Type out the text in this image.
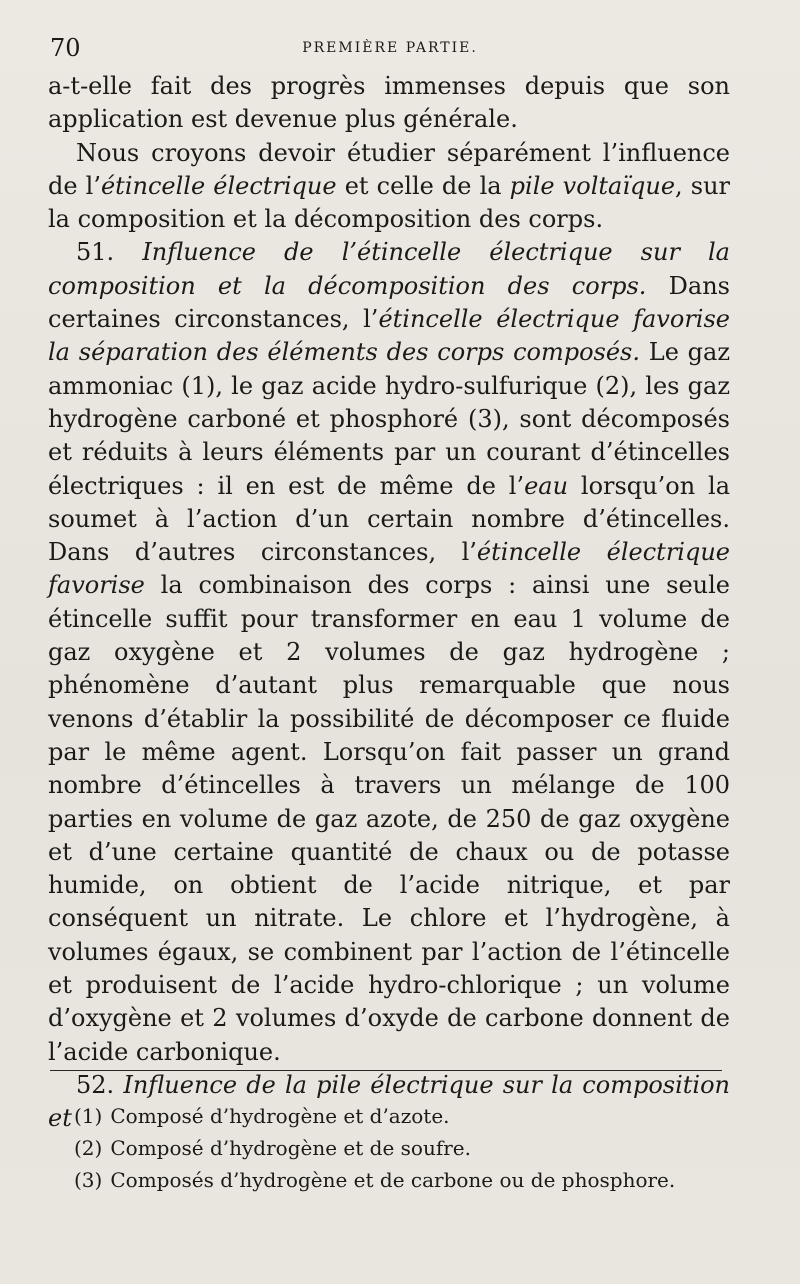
70	PREMIÈRE PARTIE.

a-t-elle fait des progrès immenses depuis que son application est devenue plus générale.

Nous croyons devoir étudier séparément l’influence de l’étincelle électrique et celle de la pile voltaïque, sur la composition et la décomposition des corps.

51. Influence de l’étincelle électrique sur la composition et la décomposition des corps. Dans certaines circonstances, l’étincelle électrique favorise la séparation des éléments des corps composés. Le gaz ammoniac (1), le gaz acide hydro-sulfurique (2), les gaz hydrogène carboné et phosphoré (3), sont décomposés et réduits à leurs éléments par un courant d’étincelles électriques : il en est de même de l’eau lorsqu’on la soumet à l’action d’un certain nombre d’étincelles. Dans d’autres circonstances, l’étincelle électrique favorise la combinaison des corps : ainsi une seule étincelle suffit pour transformer en eau 1 volume de gaz oxygène et 2 volumes de gaz hydrogène ; phénomène d’autant plus remarquable que nous venons d’établir la possibilité de décomposer ce fluide par le même agent. Lorsqu’on fait passer un grand nombre d’étincelles à travers un mélange de 100 parties en volume de gaz azote, de 250 de gaz oxygène et d’une certaine quantité de chaux ou de potasse humide, on obtient de l’acide nitrique, et par conséquent un nitrate. Le chlore et l’hydrogène, à volumes égaux, se combinent par l’action de l’étincelle et produisent de l’acide hydro-chlorique ; un volume d’oxygène et 2 volumes d’oxyde de carbone donnent de l’acide carbonique.

52. Influence de la pile électrique sur la composition et (1) Composé d’hydrogène et d’azote.

(2) Composé d’hydrogène et de soufre.

(3) Composés d’hydrogène et de carbone ou de phosphore.
